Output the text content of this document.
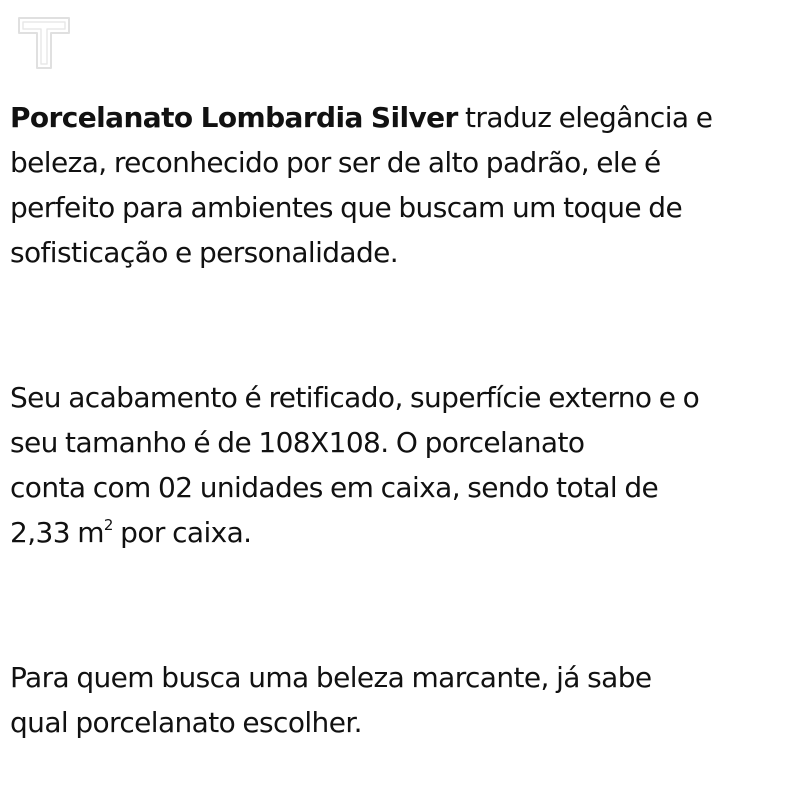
Porcelanato Lombardia Silver traduz elegância e
beleza, reconhecido por ser de alto padrão, ele é
perfeito para ambientes que buscam um toque de
sofisticação e personalidade.
Seu acabamento é retificado, superfície externo e o
seu tamanho é de 108X108. O porcelanato
conta com 02 unidades em caixa, sendo total de
2,33 $m^2$ por caixa.
Para quem busca uma beleza marcante, já sabe
qual porcelanato escolher.
